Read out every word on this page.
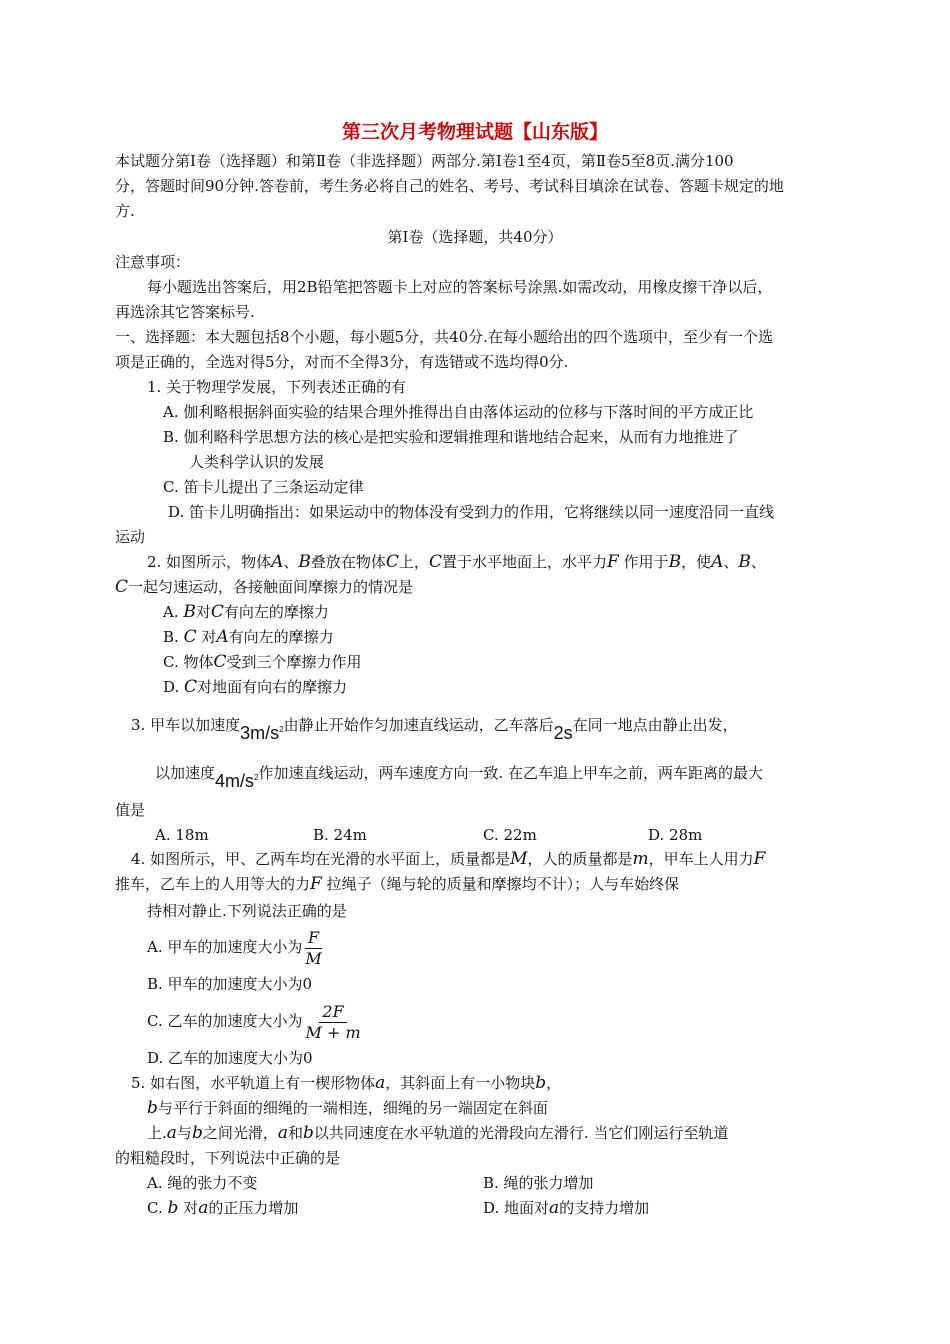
第三次月考物理试题【山东版】
本试题分第Ⅰ卷（选择题）和第Ⅱ卷（非选择题）两部分.第Ⅰ卷1至4页，第Ⅱ卷5至8页.满分100
分，答题时间90分钟.答卷前，考生务必将自己的姓名、考号、考试科目填涂在试卷、答题卡规定的地
方.
第Ⅰ卷（选择题，共40分）
注意事项：
每小题选出答案后，用2B铅笔把答题卡上对应的答案标号涂黑.如需改动，用橡皮擦干净以后，
再选涂其它答案标号.
一、选择题：本大题包括8个小题，每小题5分，共40分.在每小题给出的四个选项中，至少有一个选
项是正确的，全选对得5分，对而不全得3分，有选错或不选均得0分.
1. 关于物理学发展，下列表述正确的有
A. 伽利略根据斜面实验的结果合理外推得出自由落体运动的位移与下落时间的平方成正比
B. 伽利略科学思想方法的核心是把实验和逻辑推理和谐地结合起来，从而有力地推进了
人类科学认识的发展
C. 笛卡儿提出了三条运动定律
D. 笛卡儿明确指出：如果运动中的物体没有受到力的作用，它将继续以同一速度沿同一直线
运动
2. 如图所示，物体A、B叠放在物体C上，C置于水平地面上，水平力F 作用于B，使A、B、
C一起匀速运动，各接触面间摩擦力的情况是
A. B对C有向左的摩擦力
B. C 对A有向左的摩擦力
C. 物体C受到三个摩擦力作用
D. C对地面有向右的摩擦力
3. 甲车以加速度$3m/s^2$由静止开始作匀加速直线运动，乙车落后2s在同一地点由静止出发，
以加速度$4m/s^2$作加速直线运动，两车速度方向一致. 在乙车追上甲车之前，两车距离的最大
值是
A. 18m	B. 24m	C. 22m	D. 28m
4. 如图所示，甲、乙两车均在光滑的水平面上，质量都是M，人的质量都是m，甲车上人用力F
推车，乙车上的人用等大的力F 拉绳子（绳与轮的质量和摩擦均不计）；人与车始终保
持相对静止.下列说法正确的是
A. 甲车的加速度大小为 $\frac{F}{M}$
B. 甲车的加速度大小为0
C. 乙车的加速度大小为 $\frac{2F}{M + m}$
D. 乙车的加速度大小为0
5. 如右图，水平轨道上有一楔形物体a，其斜面上有一小物块b，
b与平行于斜面的细绳的一端相连，细绳的另一端固定在斜面
上.a与b之间光滑，a和b以共同速度在水平轨道的光滑段向左滑行. 当它们刚运行至轨道
的粗糙段时，下列说法中正确的是
A. 绳的张力不变	B. 绳的张力增加
C. b 对a的正压力增加	D. 地面对a的支持力增加
